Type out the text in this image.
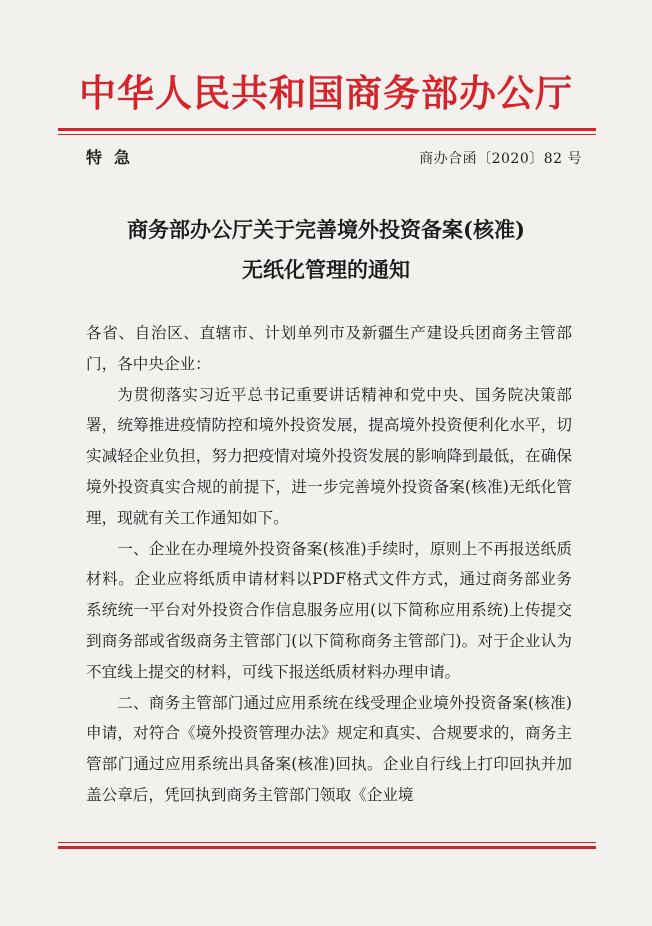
中华人民共和国商务部办公厅
特急	商办合函〔2020〕82 号
商务部办公厅关于完善境外投资备案(核准)
无纸化管理的通知

各省、自治区、直辖市、计划单列市及新疆生产建设兵团商务主管部门，各中央企业：

为贯彻落实习近平总书记重要讲话精神和党中央、国务院决策部署，统筹推进疫情防控和境外投资发展，提高境外投资便利化水平，切实减轻企业负担，努力把疫情对境外投资发展的影响降到最低，在确保境外投资真实合规的前提下，进一步完善境外投资备案(核准)无纸化管理，现就有关工作通知如下。

一、企业在办理境外投资备案(核准)手续时，原则上不再报送纸质材料。企业应将纸质申请材料以PDF格式文件方式，通过商务部业务系统统一平台对外投资合作信息服务应用(以下简称应用系统)上传提交到商务部或省级商务主管部门(以下简称商务主管部门)。对于企业认为不宜线上提交的材料，可线下报送纸质材料办理申请。

二、商务主管部门通过应用系统在线受理企业境外投资备案(核准)申请，对符合《境外投资管理办法》规定和真实、合规要求的，商务主管部门通过应用系统出具备案(核准)回执。企业自行线上打印回执并加盖公章后，凭回执到商务主管部门领取《企业境
